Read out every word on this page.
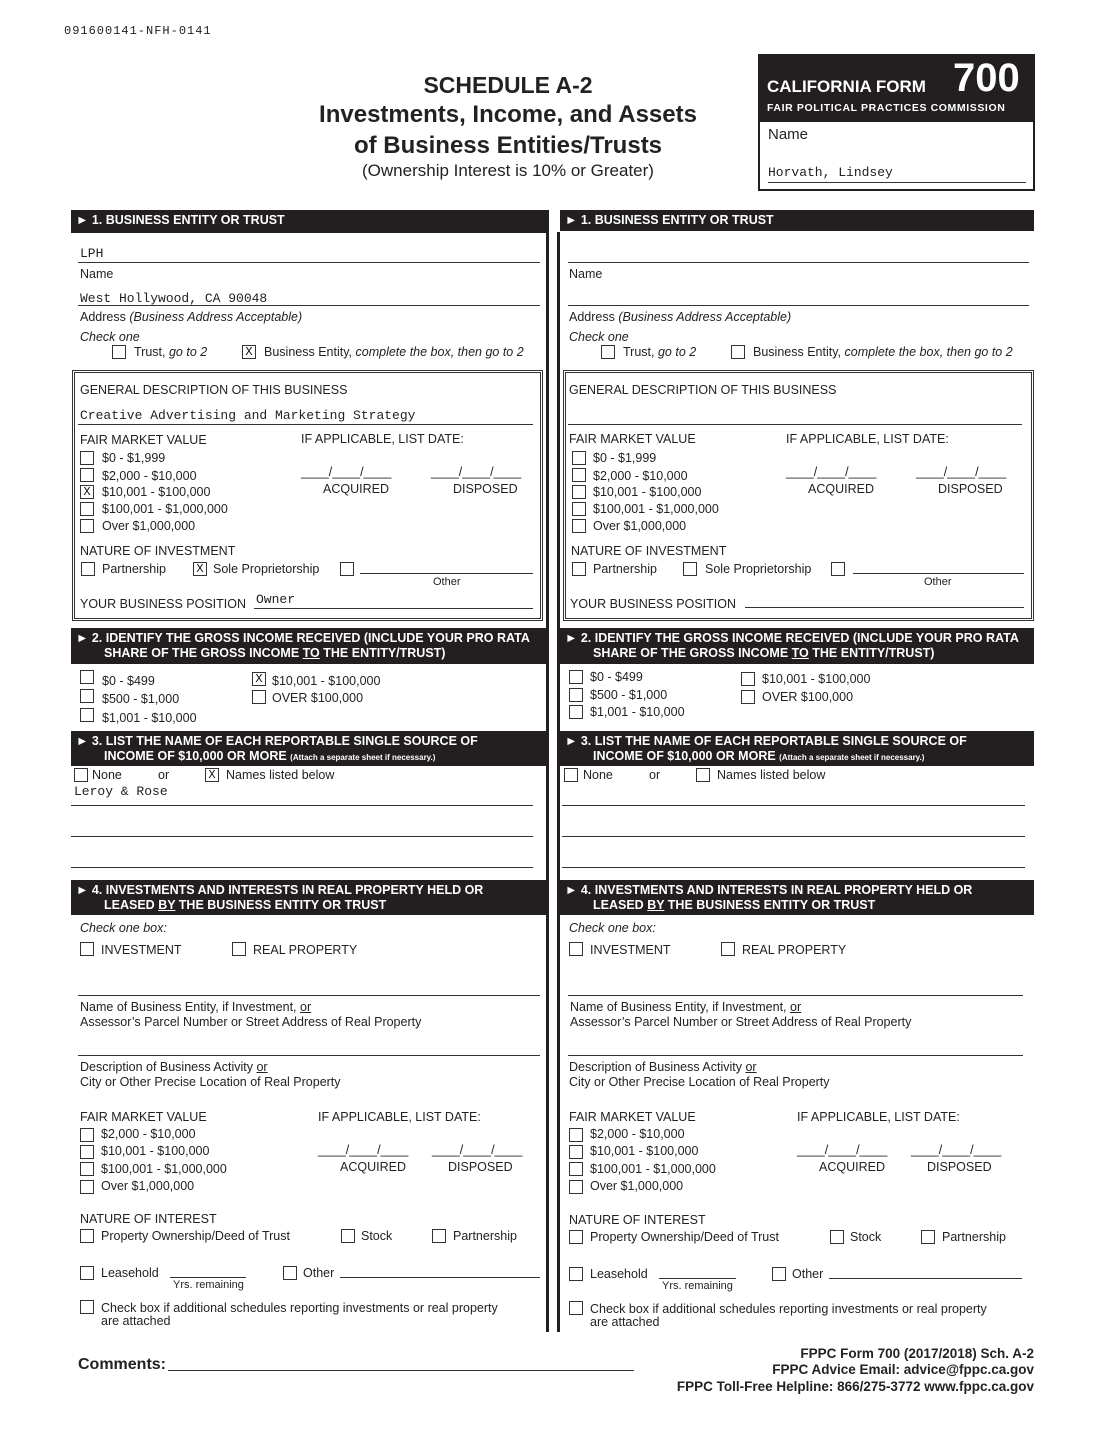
091600141-NFH-0141
SCHEDULE A-2
Investments, Income, and Assets
of Business Entities/Trusts
(Ownership Interest is 10% or Greater)
CALIFORNIA FORM 700
FAIR POLITICAL PRACTICES COMMISSION
Name
Horvath, Lindsey
► 1. BUSINESS ENTITY OR TRUST
LPH
Name
West Hollywood, CA 90048
Address (Business Address Acceptable)
Check one
Trust, go to 2	X Business Entity, complete the box, then go to 2
GENERAL DESCRIPTION OF THIS BUSINESS
Creative Advertising and Marketing Strategy
FAIR MARKET VALUE	IF APPLICABLE, LIST DATE:
$0 - $1,999
$2,000 - $10,000
X $10,001 - $100,000
$100,001 - $1,000,000
Over $1,000,000
____/____/____
ACQUIRED
____/____/____
DISPOSED
NATURE OF INVESTMENT
Partnership	X Sole Proprietorship
Other
YOUR BUSINESS POSITION Owner
► 2. IDENTIFY THE GROSS INCOME RECEIVED (INCLUDE YOUR PRO RATA
SHARE OF THE GROSS INCOME TO THE ENTITY/TRUST)
$0 - $499
$500 - $1,000
$1,001 - $10,000
X $10,001 - $100,000
OVER $100,000
► 3. LIST THE NAME OF EACH REPORTABLE SINGLE SOURCE OF
INCOME OF $10,000 OR MORE (Attach a separate sheet if necessary.)
None	or	X Names listed below
Leroy & Rose
► 4. INVESTMENTS AND INTERESTS IN REAL PROPERTY HELD OR
LEASED BY THE BUSINESS ENTITY OR TRUST
Check one box:
INVESTMENT	REAL PROPERTY
Name of Business Entity, if Investment, or
Assessor’s Parcel Number or Street Address of Real Property
Description of Business Activity or
City or Other Precise Location of Real Property
FAIR MARKET VALUE	IF APPLICABLE, LIST DATE:
$2,000 - $10,000
$10,001 - $100,000
$100,001 - $1,000,000
Over $1,000,000
____/____/____
ACQUIRED
____/____/____
DISPOSED
NATURE OF INTEREST
Property Ownership/Deed of Trust	Stock	Partnership
Leasehold
Yrs. remaining
Other
Check box if additional schedules reporting investments or real property
are attached
► 1. BUSINESS ENTITY OR TRUST
Name
Address (Business Address Acceptable)
Check one
Trust, go to 2	Business Entity, complete the box, then go to 2
GENERAL DESCRIPTION OF THIS BUSINESS
FAIR MARKET VALUE	IF APPLICABLE, LIST DATE:
$0 - $1,999
$2,000 - $10,000
$10,001 - $100,000
$100,001 - $1,000,000
Over $1,000,000
____/____/____
ACQUIRED
____/____/____
DISPOSED
NATURE OF INVESTMENT
Partnership	Sole Proprietorship
Other
YOUR BUSINESS POSITION
► 2. IDENTIFY THE GROSS INCOME RECEIVED (INCLUDE YOUR PRO RATA
SHARE OF THE GROSS INCOME TO THE ENTITY/TRUST)
$0 - $499
$500 - $1,000
$1,001 - $10,000
$10,001 - $100,000
OVER $100,000
► 3. LIST THE NAME OF EACH REPORTABLE SINGLE SOURCE OF
INCOME OF $10,000 OR MORE (Attach a separate sheet if necessary.)
None	or	Names listed below
► 4. INVESTMENTS AND INTERESTS IN REAL PROPERTY HELD OR
LEASED BY THE BUSINESS ENTITY OR TRUST
Check one box:
INVESTMENT	REAL PROPERTY
Name of Business Entity, if Investment, or
Assessor’s Parcel Number or Street Address of Real Property
Description of Business Activity or
City or Other Precise Location of Real Property
FAIR MARKET VALUE	IF APPLICABLE, LIST DATE:
$2,000 - $10,000
$10,001 - $100,000
$100,001 - $1,000,000
Over $1,000,000
____/____/____
ACQUIRED
____/____/____
DISPOSED
NATURE OF INTEREST
Property Ownership/Deed of Trust	Stock	Partnership
Leasehold
Yrs. remaining
Other
Check box if additional schedules reporting investments or real property
are attached
Comments:
FPPC Form 700 (2017/2018) Sch. A-2
FPPC Advice Email: advice@fppc.ca.gov
FPPC Toll-Free Helpline: 866/275-3772 www.fppc.ca.gov
